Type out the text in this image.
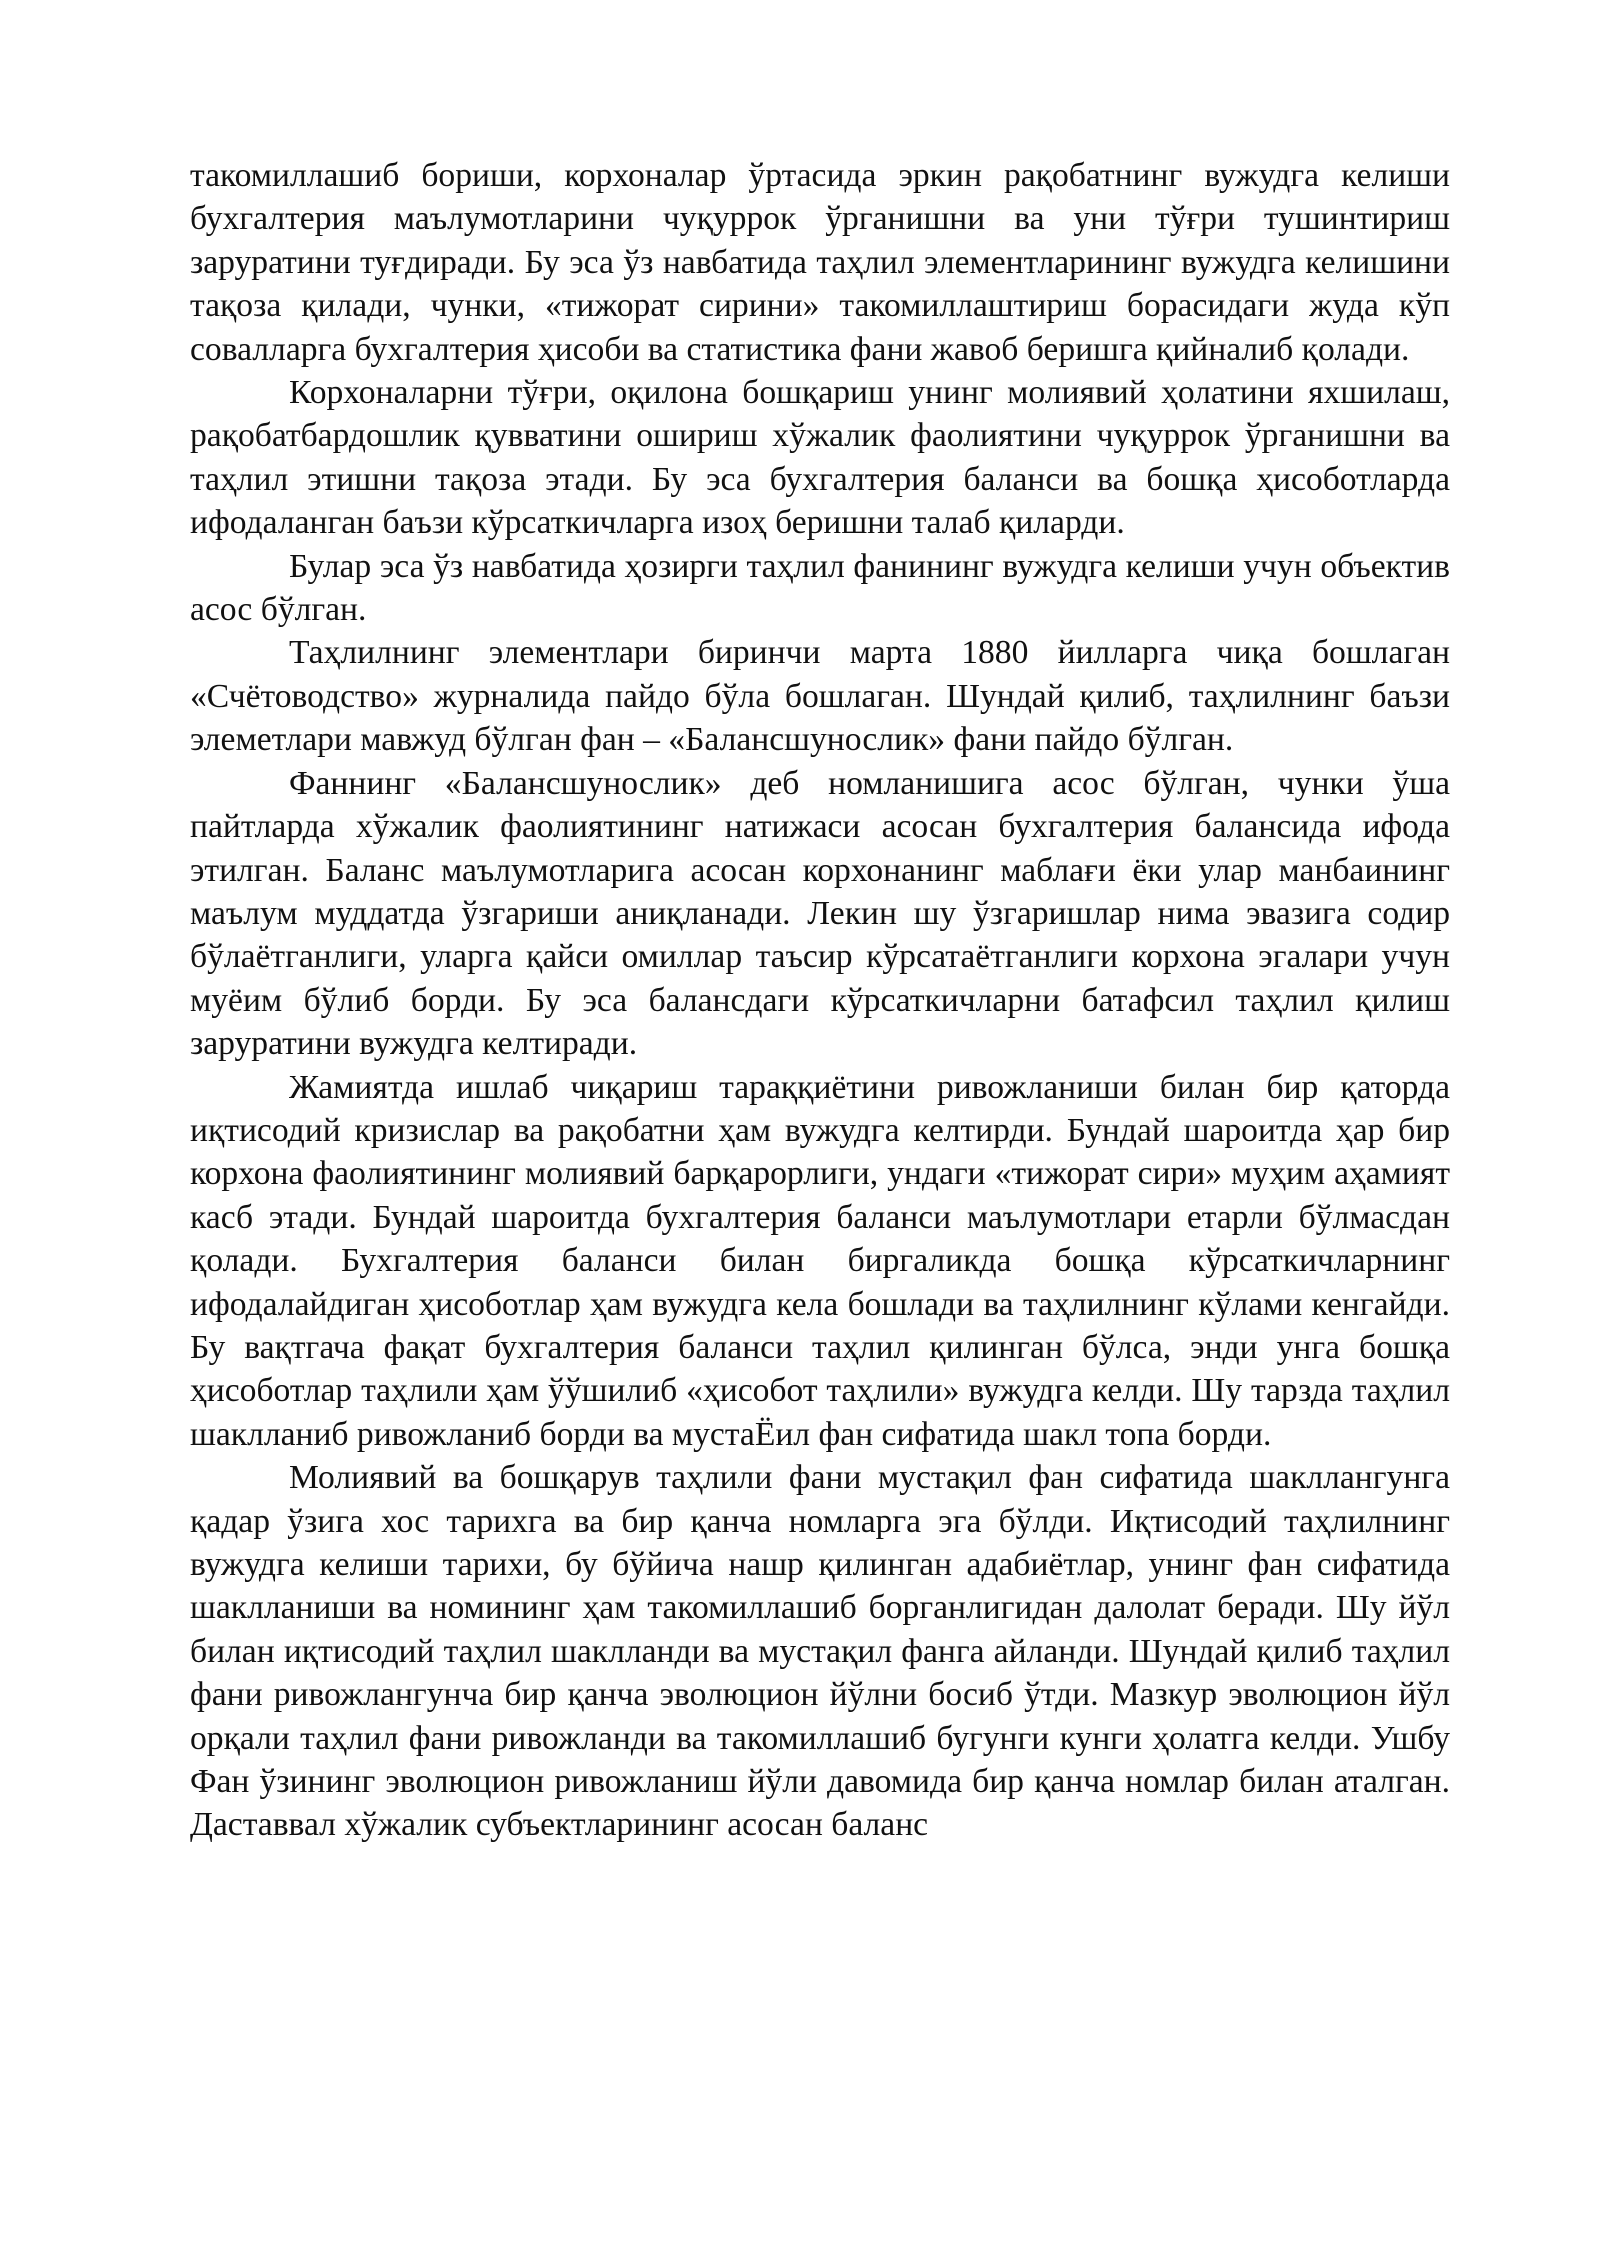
такомиллашиб бориши, корхоналар ўртасида эркин рақобатнинг вужудга келиши бухгалтерия маълумотларини чуқуррок ўрганишни ва уни тўғри тушинтириш заруратини туғдиради. Бу эса ўз навбатида таҳлил элементларининг вужудга келишини тақоза қилади, чунки, «тижорат сирини» такомиллаштириш борасидаги жуда кўп совалларга бухгалтерия ҳисоби ва статистика фани жавоб беришга қийналиб қолади.

Корхоналарни тўғри, оқилона бошқариш унинг молиявий ҳолатини яхшилаш, рақобатбардошлик қувватини ошириш хўжалик фаолиятини чуқуррок ўрганишни ва таҳлил этишни тақоза этади. Бу эса бухгалтерия баланси ва бошқа ҳисоботларда ифодаланган баъзи кўрсаткичларга изоҳ беришни талаб қиларди.

Булар эса ўз навбатида ҳозирги таҳлил фанининг вужудга келиши учун объектив асос бўлган.

Таҳлилнинг элементлари биринчи марта 1880 йилларга чиқа бошлаган «Счётоводство» журналида пайдо бўла бошлаган. Шундай қилиб, таҳлилнинг баъзи элеметлари мавжуд бўлган фан – «Балансшунослик» фани пайдо бўлган.

Фаннинг «Балансшунослик» деб номланишига асос бўлган, чунки ўша пайтларда хўжалик фаолиятининг натижаси асосан бухгалтерия балансида ифода этилган. Баланс маълумотларига асосан корхонанинг маблағи ёки улар манбаининг маълум муддатда ўзгариши аниқланади. Лекин шу ўзгаришлар нима эвазига содир бўлаётганлиги, уларга қайси омиллар таъсир кўрсатаётганлиги корхона эгалари учун муёим бўлиб борди. Бу эса балансдаги кўрсаткичларни батафсил таҳлил қилиш заруратини вужудга келтиради.

Жамиятда ишлаб чиқариш тараққиётини ривожланиши билан бир қаторда иқтисодий кризислар ва рақобатни ҳам вужудга келтирди. Бундай шароитда ҳар бир корхона фаолиятининг молиявий барқарорлиги, ундаги «тижорат сири» муҳим аҳамият касб этади. Бундай шароитда бухгалтерия баланси маълумотлари етарли бўлмасдан қолади. Бухгалтерия баланси билан биргаликда бошқа кўрсаткичларнинг ифодалайдиган ҳисоботлар ҳам вужудга кела бошлади ва таҳлилнинг кўлами кенгайди. Бу вақтгача фақат бухгалтерия баланси таҳлил қилинган бўлса, энди унга бошқа ҳисоботлар таҳлили ҳам ўўшилиб «ҳисобот таҳлили» вужудга келди. Шу тарзда таҳлил шаклланиб ривожланиб борди ва мустаЁил фан сифатида шакл топа борди.

Молиявий ва бошқарув таҳлили фани мустақил фан сифатида шакллангунга қадар ўзига хос тарихга ва бир қанча номларга эга бўлди. Иқтисодий таҳлилнинг вужудга келиши тарихи, бу бўйича нашр қилинган адабиётлар, унинг фан сифатида шаклланиши ва номининг ҳам такомиллашиб борганлигидан далолат беради. Шу йўл билан иқтисодий таҳлил шаклланди ва мустақил фанга айланди. Шундай қилиб таҳлил фани ривожлангунча бир қанча эволюцион йўлни босиб ўтди. Мазкур эволюцион йўл орқали таҳлил фани ривожланди ва такомиллашиб бугунги кунги ҳолатга келди. Ушбу Фан ўзининг эволюцион ривожланиш йўли давомида бир қанча номлар билан аталган. Даставвал хўжалик субъектларининг асосан баланс
